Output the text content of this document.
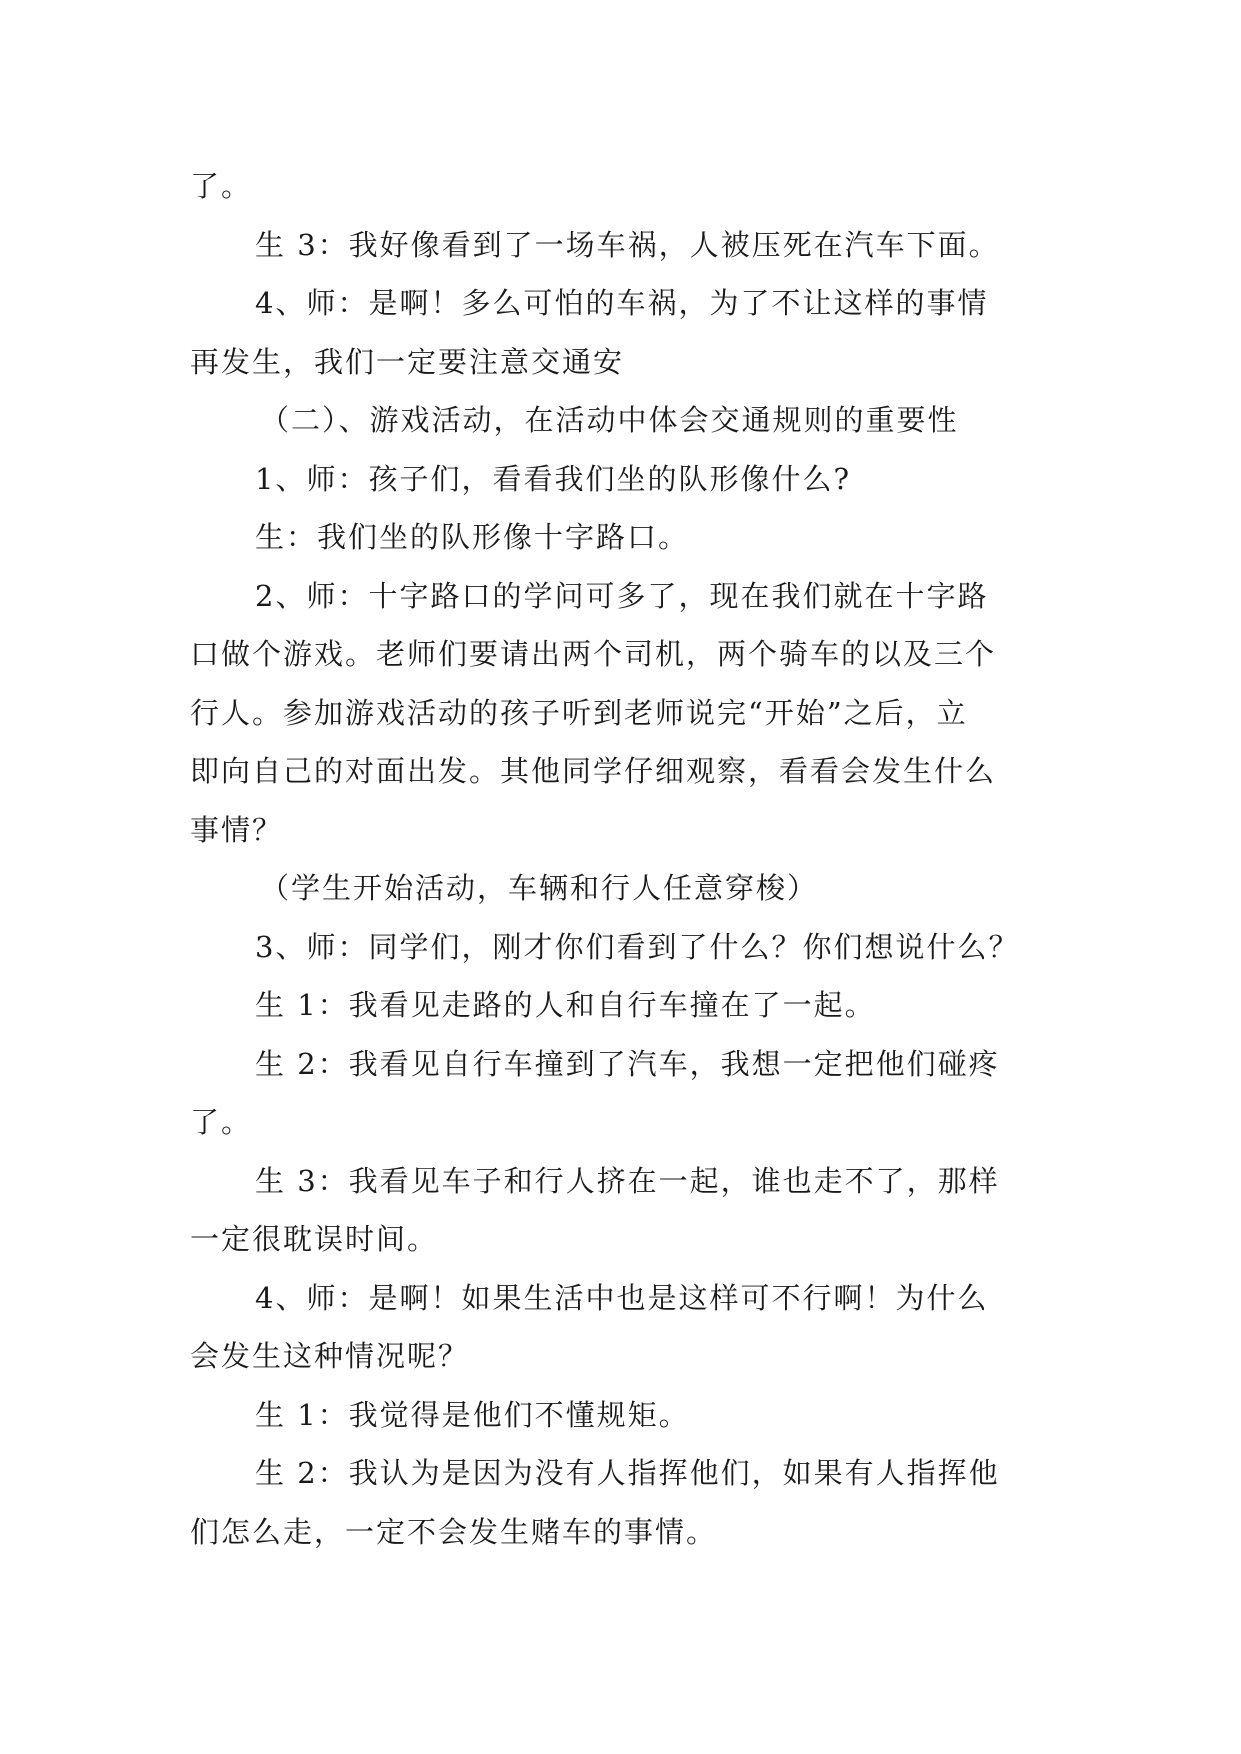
了。
生 3：我好像看到了一场车祸，人被压死在汽车下面。
4、师：是啊！多么可怕的车祸，为了不让这样的事情
再发生，我们一定要注意交通安
（二）、游戏活动，在活动中体会交通规则的重要性
1、师：孩子们，看看我们坐的队形像什么?
生：我们坐的队形像十字路口。
2、师：十字路口的学问可多了，现在我们就在十字路
口做个游戏。老师们要请出两个司机，两个骑车的以及三个
行人。参加游戏活动的孩子听到老师说完“开始”之后，立
即向自己的对面出发。其他同学仔细观察，看看会发生什么
事情？
（学生开始活动，车辆和行人任意穿梭）
3、师：同学们，刚才你们看到了什么？你们想说什么？
生 1：我看见走路的人和自行车撞在了一起。
生 2：我看见自行车撞到了汽车，我想一定把他们碰疼
了。
生 3：我看见车子和行人挤在一起，谁也走不了，那样
一定很耽误时间。
4、师：是啊！如果生活中也是这样可不行啊！为什么
会发生这种情况呢？
生 1：我觉得是他们不懂规矩。
生 2：我认为是因为没有人指挥他们，如果有人指挥他
们怎么走，一定不会发生赌车的事情。
